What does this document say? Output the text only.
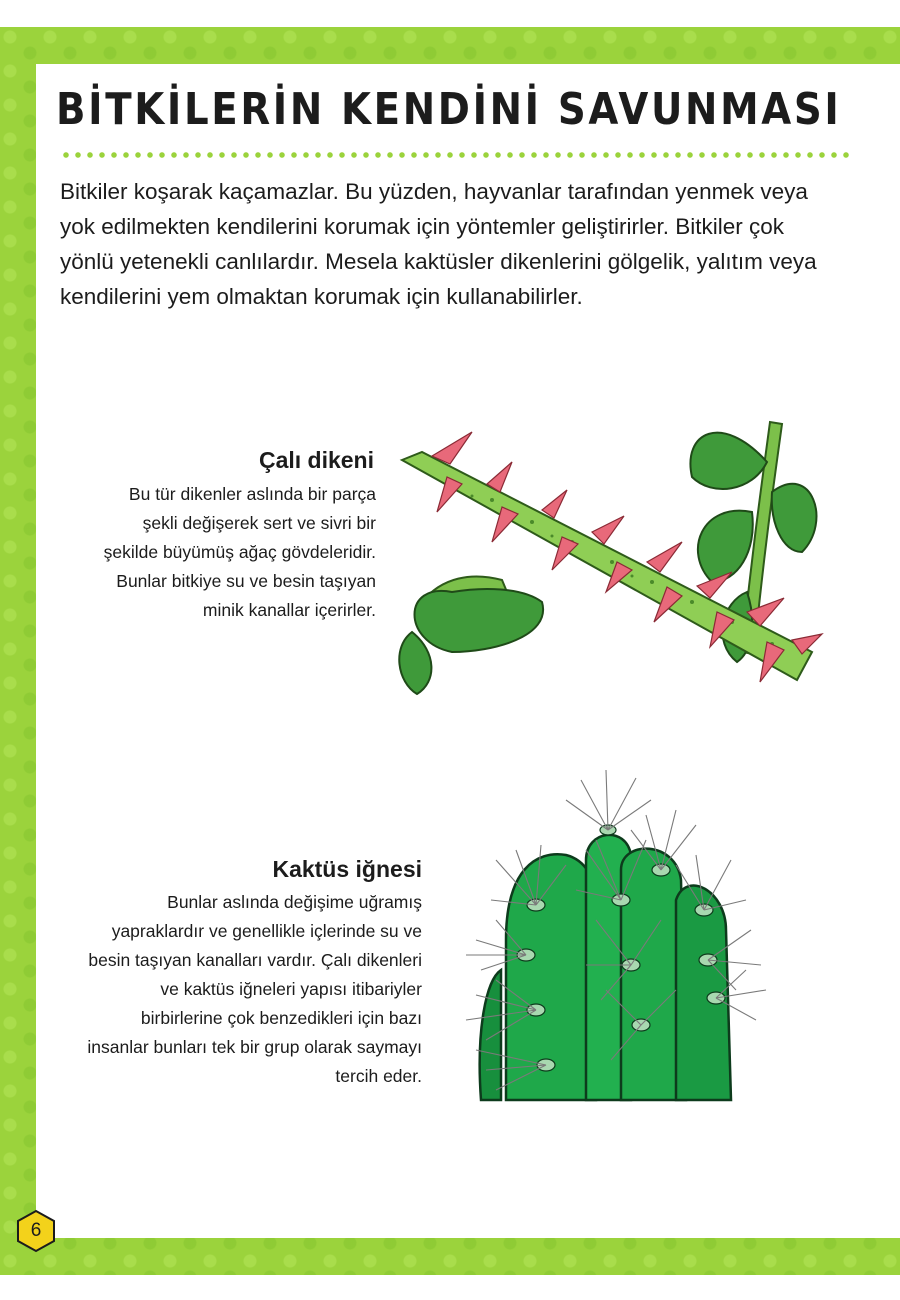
BİTKİLERİN KENDİNİ SAVUNMASI

Bitkiler koşarak kaçamazlar. Bu yüzden, hayvanlar tarafından yenmek veya yok edilmekten kendilerini korumak için yöntemler geliştirirler. Bitkiler çok yönlü yetenekli canlılardır. Mesela kaktüsler dikenlerini gölgelik, yalıtım veya kendilerini yem olmaktan korumak için kullanabilirler.

Çalı dikeni

Bu tür dikenler aslında bir parça şekli değişerek sert ve sivri bir şekilde büyümüş ağaç gövdeleridir. Bunlar bitkiye su ve besin taşıyan minik kanallar içerirler.

Kaktüs iğnesi

Bunlar aslında değişime uğramış yapraklardır ve genellikle içlerinde su ve besin taşıyan kanalları vardır. Çalı dikenleri ve kaktüs iğneleri yapısı itibariyler birbirlerine çok benzedikleri için bazı insanlar bunları tek bir grup olarak saymayı tercih eder.

6
